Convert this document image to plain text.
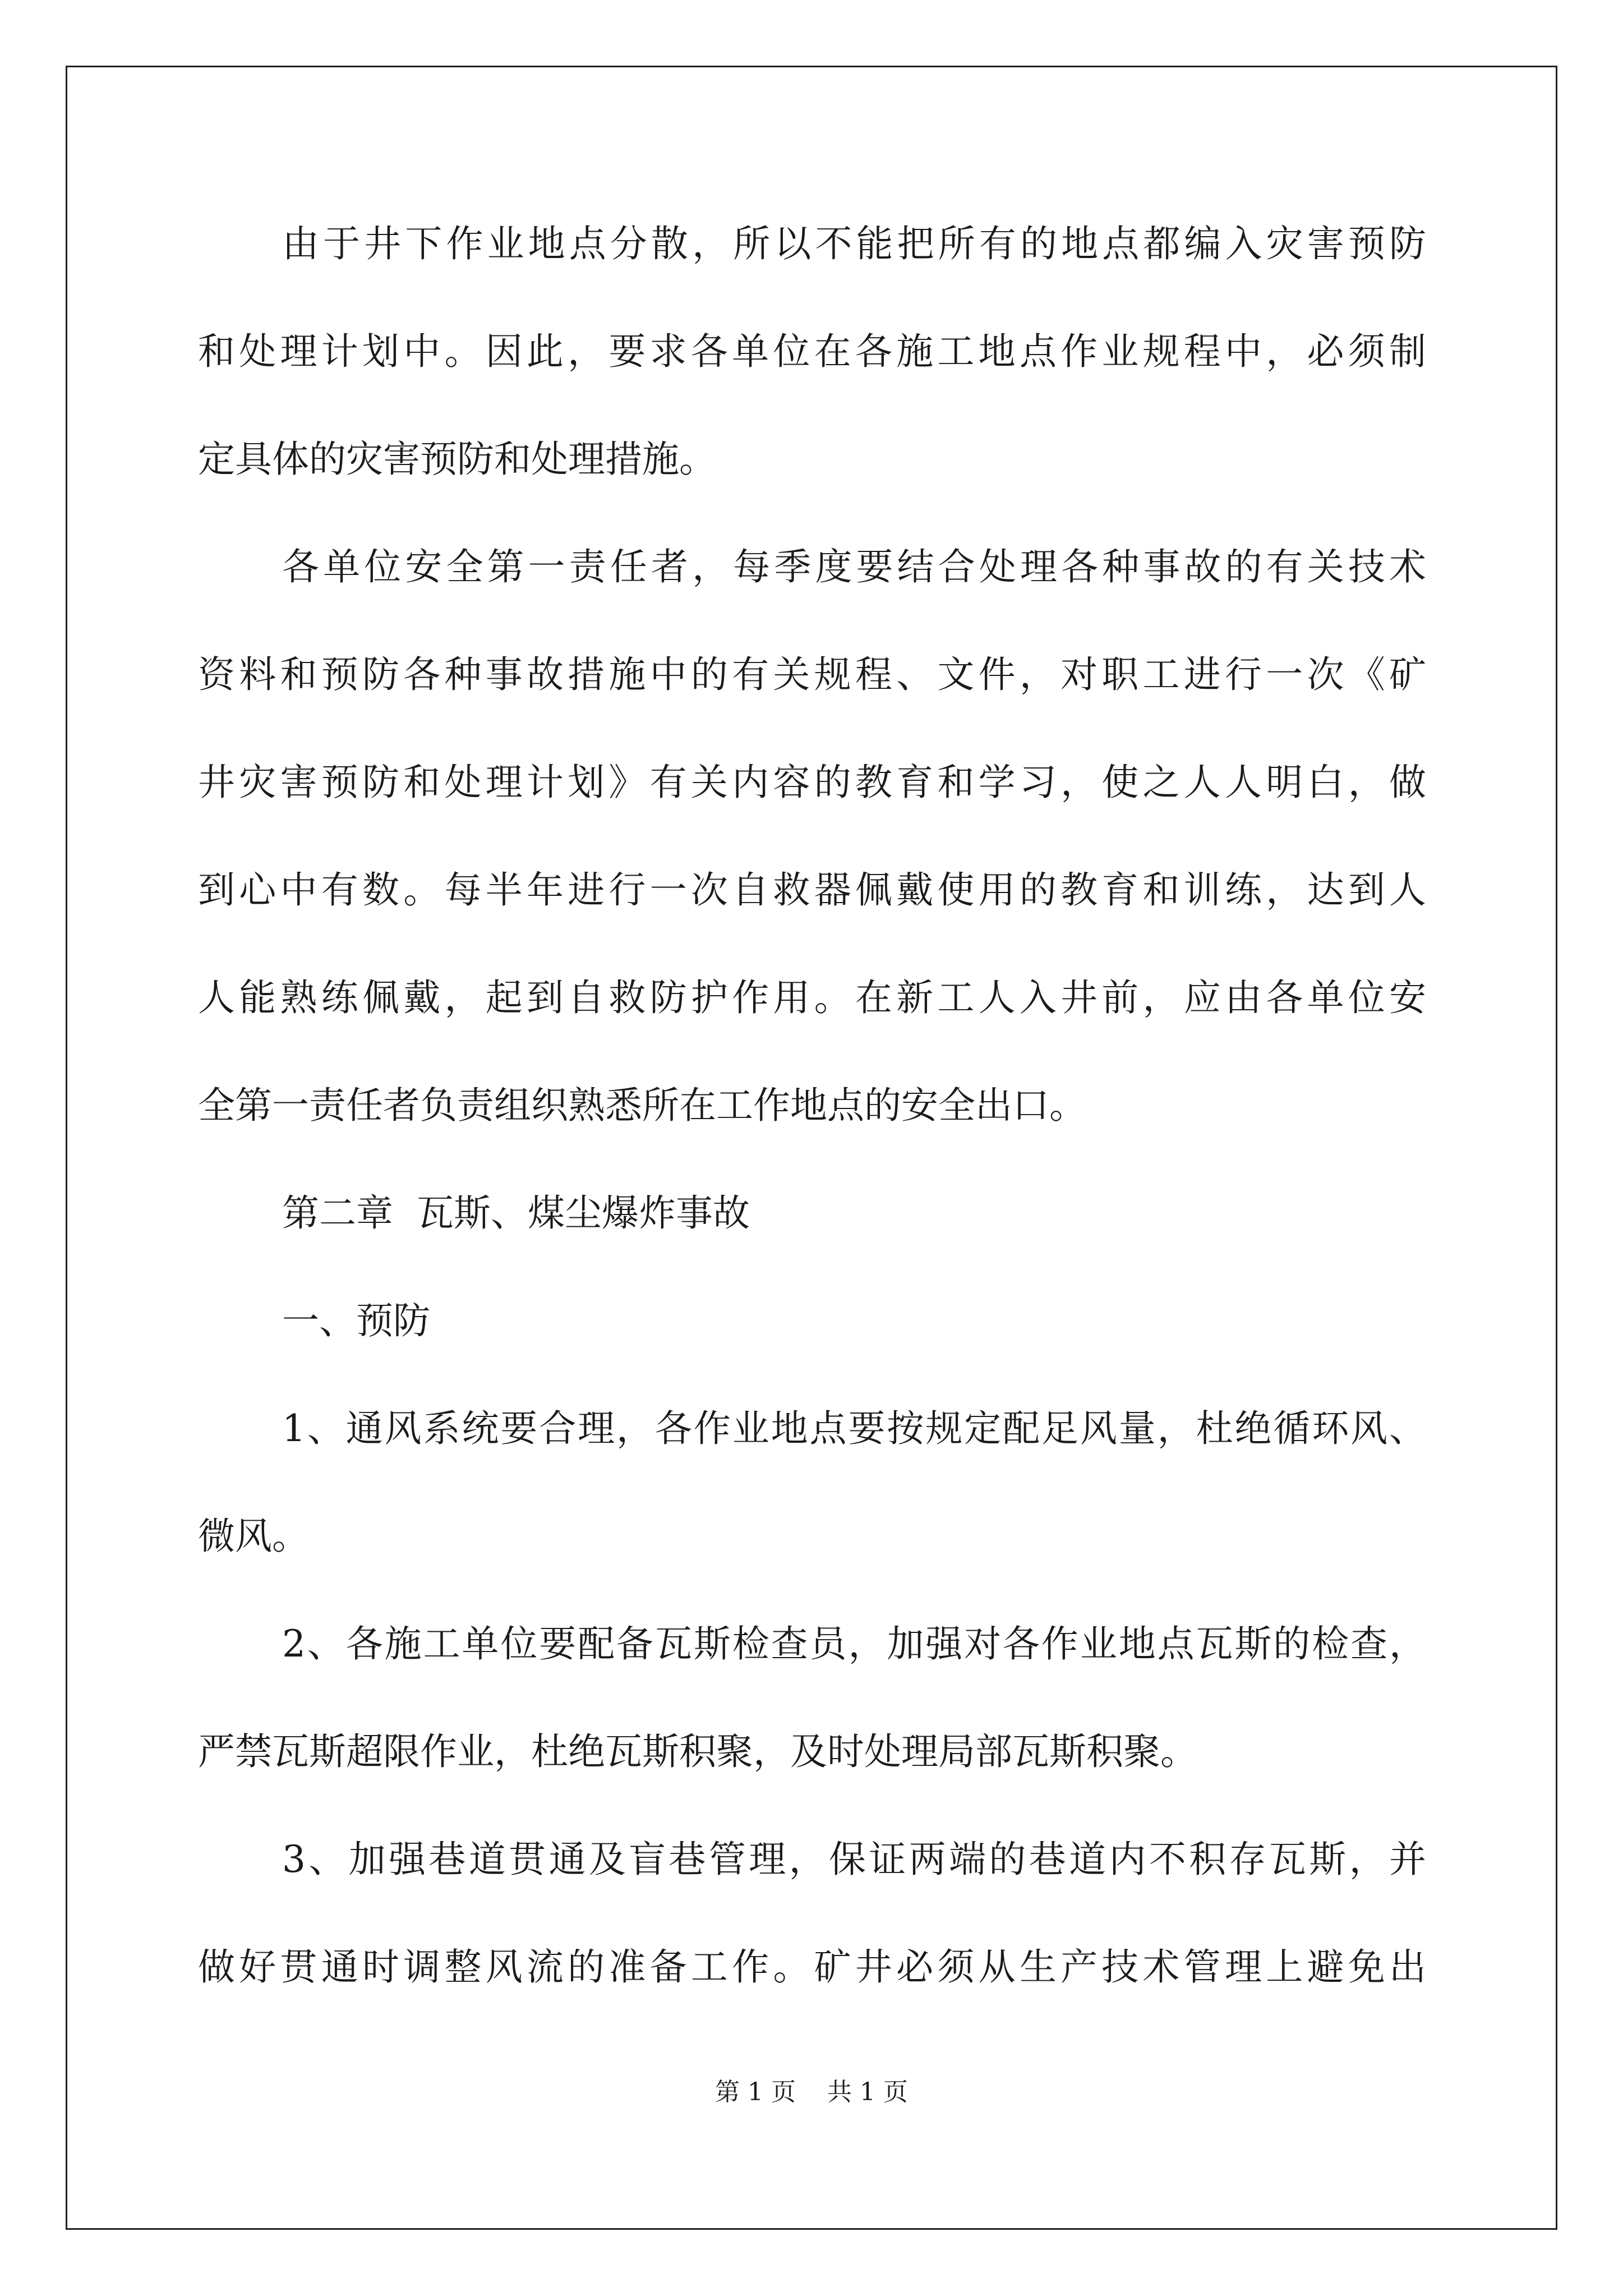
由于井下作业地点分散，所以不能把所有的地点都编入灾害预防
和处理计划中。因此，要求各单位在各施工地点作业规程中，必须制
定具体的灾害预防和处理措施。
各单位安全第一责任者，每季度要结合处理各种事故的有关技术
资料和预防各种事故措施中的有关规程、文件，对职工进行一次《矿
井灾害预防和处理计划》有关内容的教育和学习，使之人人明白，做
到心中有数。每半年进行一次自救器佩戴使用的教育和训练，达到人
人能熟练佩戴，起到自救防护作用。在新工人入井前，应由各单位安
全第一责任者负责组织熟悉所在工作地点的安全出口。
第二章  瓦斯、煤尘爆炸事故
一、预防
1、通风系统要合理，各作业地点要按规定配足风量，杜绝循环风、
微风。
2、各施工单位要配备瓦斯检查员，加强对各作业地点瓦斯的检查，
严禁瓦斯超限作业，杜绝瓦斯积聚，及时处理局部瓦斯积聚。
3、加强巷道贯通及盲巷管理，保证两端的巷道内不积存瓦斯，并
做好贯通时调整风流的准备工作。矿井必须从生产技术管理上避免出
第 1 页    共 1 页
